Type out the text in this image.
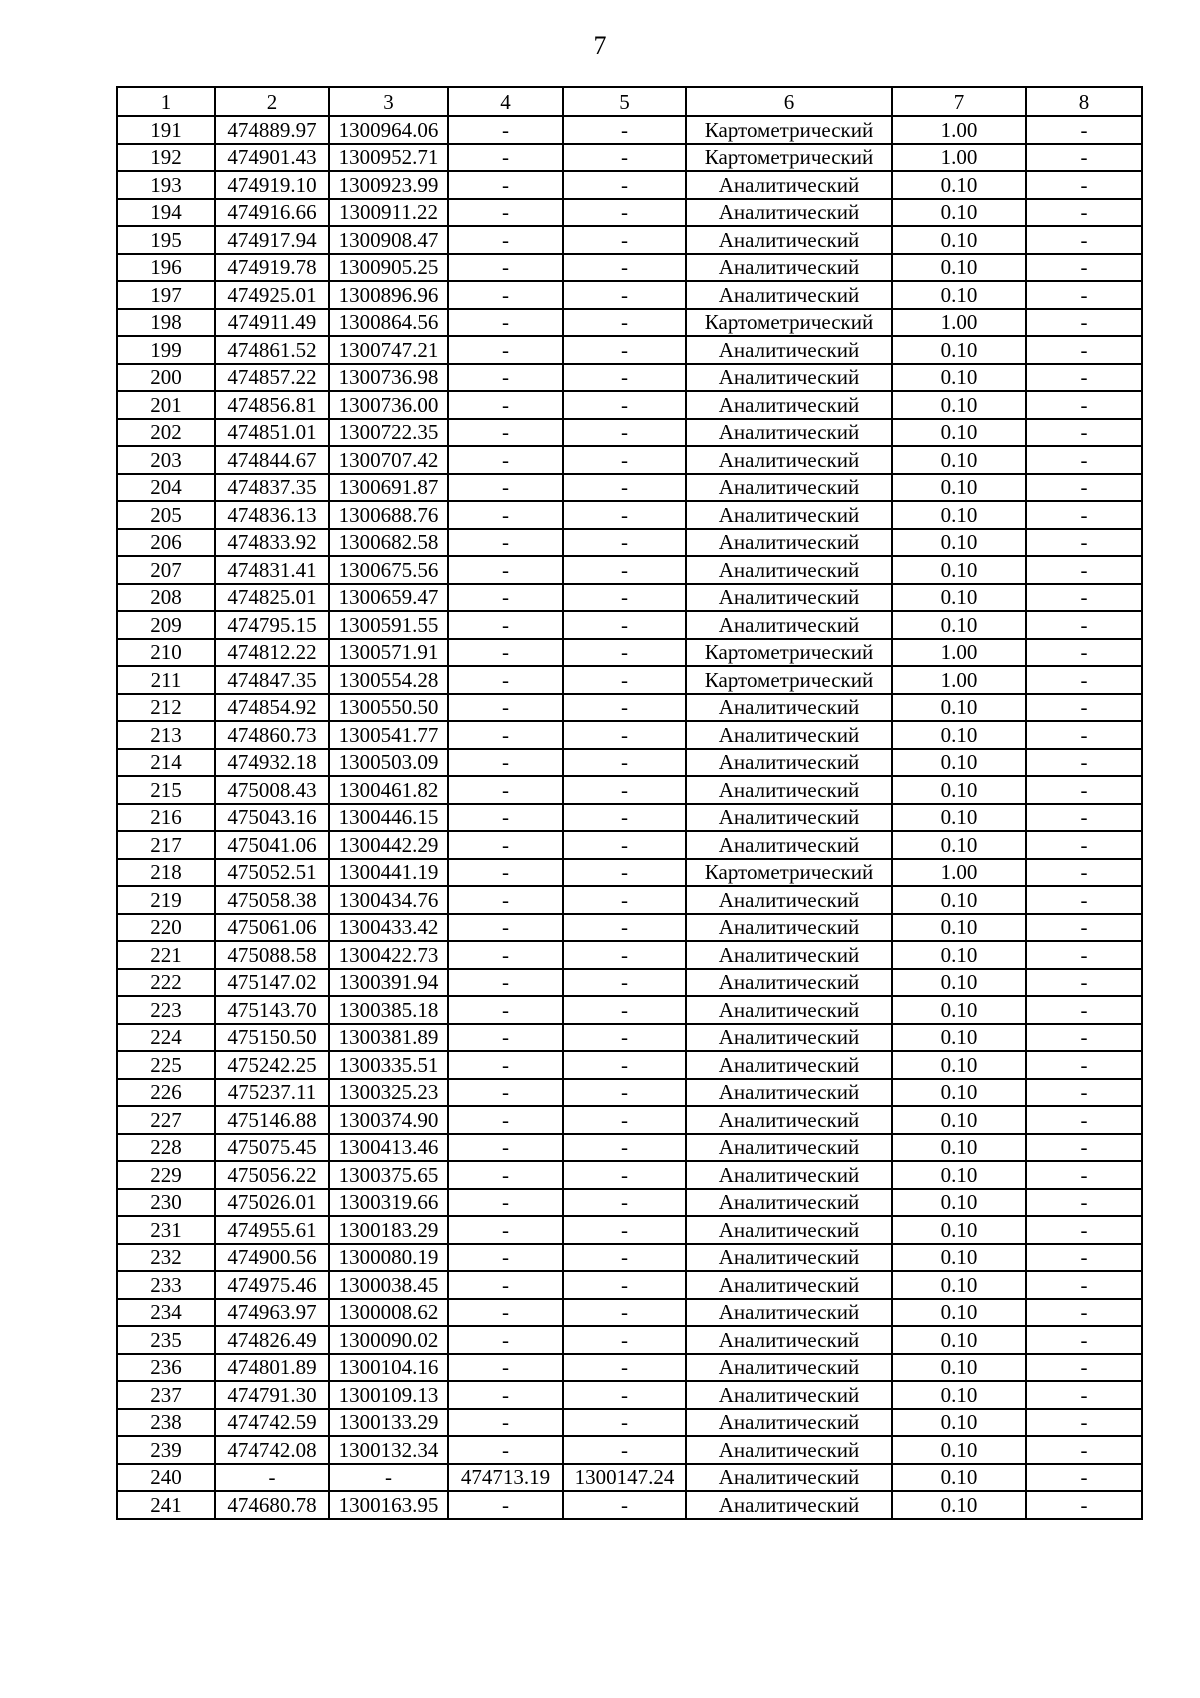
7
1	2	3	4	5	6	7	8
191	474889.97	1300964.06	-	-	Картометрический	1.00	-
192	474901.43	1300952.71	-	-	Картометрический	1.00	-
193	474919.10	1300923.99	-	-	Аналитический	0.10	-
194	474916.66	1300911.22	-	-	Аналитический	0.10	-
195	474917.94	1300908.47	-	-	Аналитический	0.10	-
196	474919.78	1300905.25	-	-	Аналитический	0.10	-
197	474925.01	1300896.96	-	-	Аналитический	0.10	-
198	474911.49	1300864.56	-	-	Картометрический	1.00	-
199	474861.52	1300747.21	-	-	Аналитический	0.10	-
200	474857.22	1300736.98	-	-	Аналитический	0.10	-
201	474856.81	1300736.00	-	-	Аналитический	0.10	-
202	474851.01	1300722.35	-	-	Аналитический	0.10	-
203	474844.67	1300707.42	-	-	Аналитический	0.10	-
204	474837.35	1300691.87	-	-	Аналитический	0.10	-
205	474836.13	1300688.76	-	-	Аналитический	0.10	-
206	474833.92	1300682.58	-	-	Аналитический	0.10	-
207	474831.41	1300675.56	-	-	Аналитический	0.10	-
208	474825.01	1300659.47	-	-	Аналитический	0.10	-
209	474795.15	1300591.55	-	-	Аналитический	0.10	-
210	474812.22	1300571.91	-	-	Картометрический	1.00	-
211	474847.35	1300554.28	-	-	Картометрический	1.00	-
212	474854.92	1300550.50	-	-	Аналитический	0.10	-
213	474860.73	1300541.77	-	-	Аналитический	0.10	-
214	474932.18	1300503.09	-	-	Аналитический	0.10	-
215	475008.43	1300461.82	-	-	Аналитический	0.10	-
216	475043.16	1300446.15	-	-	Аналитический	0.10	-
217	475041.06	1300442.29	-	-	Аналитический	0.10	-
218	475052.51	1300441.19	-	-	Картометрический	1.00	-
219	475058.38	1300434.76	-	-	Аналитический	0.10	-
220	475061.06	1300433.42	-	-	Аналитический	0.10	-
221	475088.58	1300422.73	-	-	Аналитический	0.10	-
222	475147.02	1300391.94	-	-	Аналитический	0.10	-
223	475143.70	1300385.18	-	-	Аналитический	0.10	-
224	475150.50	1300381.89	-	-	Аналитический	0.10	-
225	475242.25	1300335.51	-	-	Аналитический	0.10	-
226	475237.11	1300325.23	-	-	Аналитический	0.10	-
227	475146.88	1300374.90	-	-	Аналитический	0.10	-
228	475075.45	1300413.46	-	-	Аналитический	0.10	-
229	475056.22	1300375.65	-	-	Аналитический	0.10	-
230	475026.01	1300319.66	-	-	Аналитический	0.10	-
231	474955.61	1300183.29	-	-	Аналитический	0.10	-
232	474900.56	1300080.19	-	-	Аналитический	0.10	-
233	474975.46	1300038.45	-	-	Аналитический	0.10	-
234	474963.97	1300008.62	-	-	Аналитический	0.10	-
235	474826.49	1300090.02	-	-	Аналитический	0.10	-
236	474801.89	1300104.16	-	-	Аналитический	0.10	-
237	474791.30	1300109.13	-	-	Аналитический	0.10	-
238	474742.59	1300133.29	-	-	Аналитический	0.10	-
239	474742.08	1300132.34	-	-	Аналитический	0.10	-
240	-	-	474713.19	1300147.24	Аналитический	0.10	-
241	474680.78	1300163.95	-	-	Аналитический	0.10	-
